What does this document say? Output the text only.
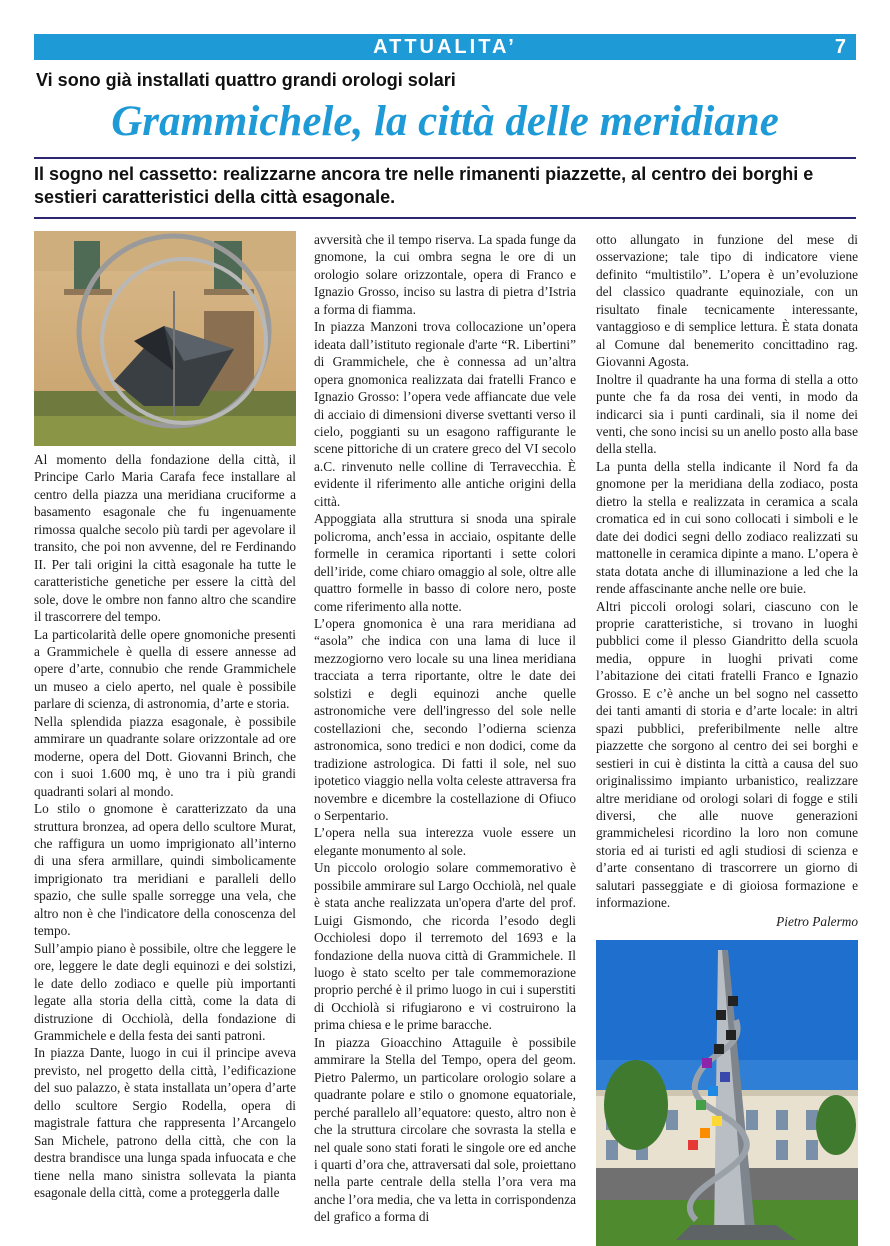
ATTUALITA’	7
Vi sono già installati quattro grandi orologi solari
Grammichele, la città delle meridiane
Il sogno nel cassetto: realizzarne ancora tre nelle rimanenti piazzette, al centro dei borghi e sestieri caratteristici della città esagonale.

Al momento della fondazione della città, il Principe Carlo Maria Carafa fece installare al centro della piazza una meridiana cruciforme a basamento esagonale che fu ingenuamente rimossa qualche secolo più tardi per agevolare il transito, che poi non avvenne, del re Ferdinando II. Per tali origini la città esagonale ha tutte le caratteristiche genetiche per essere la città del sole, dove le ombre non fanno altro che scandire il trascorrere del tempo.

La particolarità delle opere gnomoniche presenti a Grammichele è quella di essere annesse ad opere d’arte, connubio che rende Grammichele un museo a cielo aperto, nel quale è possibile parlare di scienza, di astronomia, d’arte e storia.

Nella splendida piazza esagonale, è possibile ammirare un quadrante solare orizzontale ad ore moderne, opera del Dott. Giovanni Brinch, che con i suoi 1.600 mq, è uno tra i più grandi quadranti solari al mondo.

Lo stilo o gnomone è caratterizzato da una struttura bronzea, ad opera dello scultore Murat, che raffigura un uomo imprigionato all’interno di una sfera armillare, quindi simbolicamente imprigionato tra meridiani e paralleli dello spazio, che sulle spalle sorregge una vela, che altro non è che l'indicatore della conoscenza del tempo.

Sull’ampio piano è possibile, oltre che leggere le ore, leggere le date degli equinozi e dei solstizi, le date dello zodiaco e quelle più importanti legate alla storia della città, come la data di distruzione di Occhiolà, della fondazione di Grammichele e della festa dei santi patroni.

In piazza Dante, luogo in cui il principe aveva previsto, nel progetto della città, l’edificazione del suo palazzo, è stata installata un’opera d’arte dello scultore Sergio Rodella, opera di magistrale fattura che rappresenta l’Arcangelo San Michele, patrono della città, che con la destra brandisce una lunga spada infuocata e che tiene nella mano sinistra sollevata la pianta esagonale della città, come a proteggerla dalle

avversità che il tempo riserva. La spada funge da gnomone, la cui ombra segna le ore di un orologio solare orizzontale, opera di Franco e Ignazio Grosso, inciso su lastra di pietra d’Istria a forma di fiamma.

In piazza Manzoni trova collocazione un’opera ideata dall’istituto regionale d'arte “R. Libertini” di Grammichele, che è connessa ad un’altra opera gnomonica realizzata dai fratelli Franco e Ignazio Grosso: l’opera vede affiancate due vele di acciaio di dimensioni diverse svettanti verso il cielo, poggianti su un esagono raffigurante le scene pittoriche di un cratere greco del VI secolo a.C. rinvenuto nelle colline di Terravecchia. È evidente il riferimento alle antiche origini della città.

Appoggiata alla struttura si snoda una spirale policroma, anch’essa in acciaio, ospitante delle formelle in ceramica riportanti i sette colori dell’iride, come chiaro omaggio al sole, oltre alle quattro formelle in basso di colore nero, poste come riferimento alla notte.

L’opera gnomonica è una rara meridiana ad “asola” che indica con una lama di luce il mezzogiorno vero locale su una linea meridiana tracciata a terra riportante, oltre le date dei solstizi e degli equinozi anche quelle astronomiche vere dell'ingresso del sole nelle costellazioni che, secondo l’odierna scienza astronomica, sono tredici e non dodici, come da tradizione astrologica. Di fatti il sole, nel suo ipotetico viaggio nella volta celeste attraversa fra novembre e dicembre la costellazione di Ofiuco o Serpentario.

L’opera nella sua interezza vuole essere un elegante monumento al sole.

Un piccolo orologio solare commemorativo è possibile ammirare sul Largo Occhiolà, nel quale è stata anche realizzata un'opera d'arte del prof. Luigi Gismondo, che ricorda l’esodo degli Occhiolesi dopo il terremoto del 1693 e la fondazione della nuova città di Grammichele. Il luogo è stato scelto per tale commemorazione proprio perché è il primo luogo in cui i superstiti di Occhiolà si rifugiarono e vi costruirono la prima chiesa e le prime baracche.

In piazza Gioacchino Attaguile è possibile ammirare la Stella del Tempo, opera del geom. Pietro Palermo, un particolare orologio solare a quadrante polare e stilo o gnomone equatoriale, perché parallelo all’equatore: questo, altro non è che la struttura circolare che sovrasta la stella e nel quale sono stati forati le singole ore ed anche i quarti d’ora che, attraversati dal sole, proiettano nella parte centrale della stella l’ora vera ma anche l’ora media, che va letta in corrispondenza del grafico a forma di

otto allungato in funzione del mese di osservazione; tale tipo di indicatore viene definito “multistilo”. L’opera è un’evoluzione del classico quadrante equinoziale, con un risultato finale tecnicamente interessante, vantaggioso e di semplice lettura. È stata donata al Comune dal benemerito concittadino rag. Giovanni Agosta.

Inoltre il quadrante ha una forma di stella a otto punte che fa da rosa dei venti, in modo da indicarci sia i punti cardinali, sia il nome dei venti, che sono incisi su un anello posto alla base della stella.

La punta della stella indicante il Nord fa da gnomone per la meridiana della zodiaco, posta dietro la stella e realizzata in ceramica a scala cromatica ed in cui sono collocati i simboli e le date dei dodici segni dello zodiaco realizzati su mattonelle in ceramica dipinte a mano. L’opera è stata dotata anche di illuminazione a led che la rende affascinante anche nelle ore buie.

Altri piccoli orologi solari, ciascuno con le proprie caratteristiche, si trovano in luoghi pubblici come il plesso Giandritto della scuola media, oppure in luoghi privati come l’abitazione dei citati fratelli Franco e Ignazio Grosso. E c’è anche un bel sogno nel cassetto dei tanti amanti di storia e d’arte locale: in altri spazi pubblici, preferibilmente nelle altre piazzette che sorgono al centro dei sei borghi e sestieri in cui è distinta la città a causa del suo originalissimo impianto urbanistico, realizzare altre meridiane od orologi solari di fogge e stili diversi, che alle nuove generazioni grammichelesi ricordino la loro non comune storia ed ai turisti ed agli studiosi di scienza e d’arte consentano di trascorrere un giorno di salutari passeggiate e di gioiosa formazione e informazione.

Pietro Palermo
